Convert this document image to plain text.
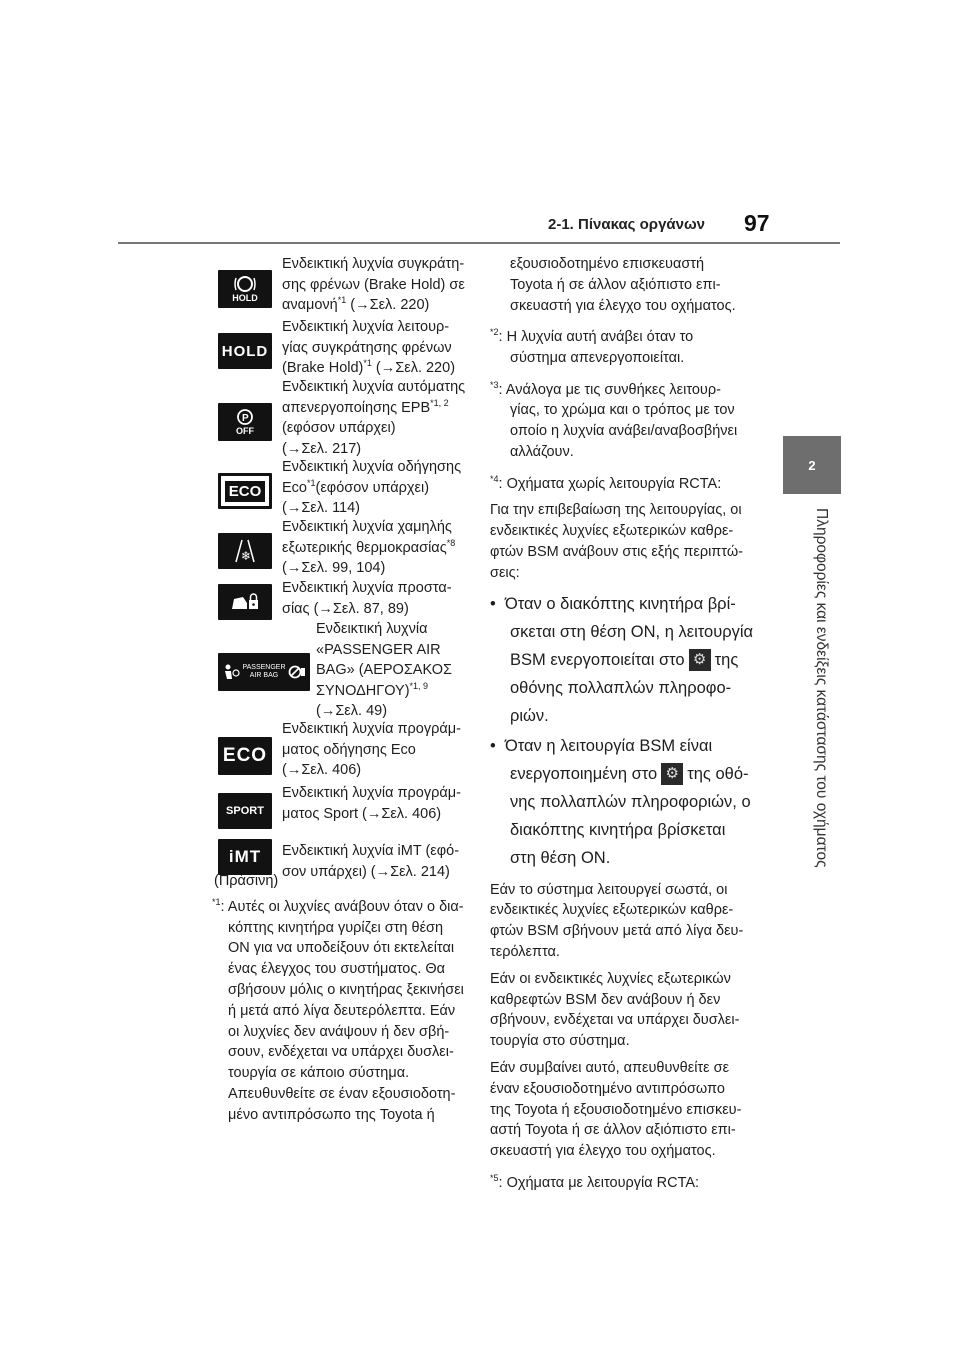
2-1. Πίνακας οργάνων 97
2
Πληροφορίες και ενδείξεις κατάστασης του οχήματος
HOLD
Ενδεικτική λυχνία συγκράτη-
σης φρένων (Brake Hold) σε
αναμονή$^{*1}$ (→Σελ. 220)
HOLD
Ενδεικτική λυχνία λειτουρ-
γίας συγκράτησης φρένων
(Brake Hold)$^{*1}$ (→Σελ. 220)
P
OFF
Ενδεικτική λυχνία αυτόματης
απενεργοποίησης EPB$^{*1, 2}$
(εφόσον υπάρχει)
(→Σελ. 217)
ECO
Ενδεικτική λυχνία οδήγησης
Eco$^{*1}$(εφόσον υπάρχει)
(→Σελ. 114)
❄
Ενδεικτική λυχνία χαμηλής
εξωτερικής θερμοκρασίας$^{*8}$
(→Σελ. 99, 104)
Ενδεικτική λυχνία προστα-
σίας (→Σελ. 87, 89)
PASSENGER AIR BAG
Ενδεικτική λυχνία
«PASSENGER AIR
BAG» (ΑΕΡΟΣΑΚΟΣ
ΣΥΝΟΔΗΓΟΥ)$^{*1, 9}$
(→Σελ. 49)
ECO
Ενδεικτική λυχνία προγράμ-
ματος οδήγησης Eco
(→Σελ. 406)
SPORT
Ενδεικτική λυχνία προγράμ-
ματος Sport (→Σελ. 406)
iMT Ενδεικτική λυχνία iMT (εφό-
σον υπάρχει) (→Σελ. 214)
(Πράσινη)
$^{*1}$: Αυτές οι λυχνίες ανάβουν όταν ο δια-
κόπτης κινητήρα γυρίζει στη θέση
ON για να υποδείξουν ότι εκτελείται
ένας έλεγχος του συστήματος. Θα
σβήσουν μόλις ο κινητήρας ξεκινήσει
ή μετά από λίγα δευτερόλεπτα. Εάν
οι λυχνίες δεν ανάψουν ή δεν σβή-
σουν, ενδέχεται να υπάρχει δυσλει-
τουργία σε κάποιο σύστημα.
Απευθυνθείτε σε έναν εξουσιοδοτη-
μένο αντιπρόσωπο της Toyota ή
εξουσιοδοτημένο επισκευαστή
Toyota ή σε άλλον αξιόπιστο επι-
σκευαστή για έλεγχο του οχήματος.
$^{*2}$: Η λυχνία αυτή ανάβει όταν το
σύστημα απενεργοποιείται.
$^{*3}$: Ανάλογα με τις συνθήκες λειτουρ-
γίας, το χρώμα και ο τρόπος με τον
οποίο η λυχνία ανάβει/αναβοσβήνει
αλλάζουν.
$^{*4}$: Οχήματα χωρίς λειτουργία RCTA:
Για την επιβεβαίωση της λειτουργίας, οι
ενδεικτικές λυχνίες εξωτερικών καθρε-
φτών BSM ανάβουν στις εξής περιπτώ-
σεις:
•  Όταν ο διακόπτης κινητήρα βρί-
σκεται στη θέση ON, η λειτουργία
BSM ενεργοποιείται στο ⚙ της
οθόνης πολλαπλών πληροφο-
ριών.
•  Όταν η λειτουργία BSM είναι
ενεργοποιημένη στο ⚙ της οθό-
νης πολλαπλών πληροφοριών, ο
διακόπτης κινητήρα βρίσκεται
στη θέση ON.
Εάν το σύστημα λειτουργεί σωστά, οι
ενδεικτικές λυχνίες εξωτερικών καθρε-
φτών BSM σβήνουν μετά από λίγα δευ-
τερόλεπτα.
Εάν οι ενδεικτικές λυχνίες εξωτερικών
καθρεφτών BSM δεν ανάβουν ή δεν
σβήνουν, ενδέχεται να υπάρχει δυσλει-
τουργία στο σύστημα.
Εάν συμβαίνει αυτό, απευθυνθείτε σε
έναν εξουσιοδοτημένο αντιπρόσωπο
της Toyota ή εξουσιοδοτημένο επισκευ-
αστή Toyota ή σε άλλον αξιόπιστο επι-
σκευαστή για έλεγχο του οχήματος.
$^{*5}$: Οχήματα με λειτουργία RCTA:
